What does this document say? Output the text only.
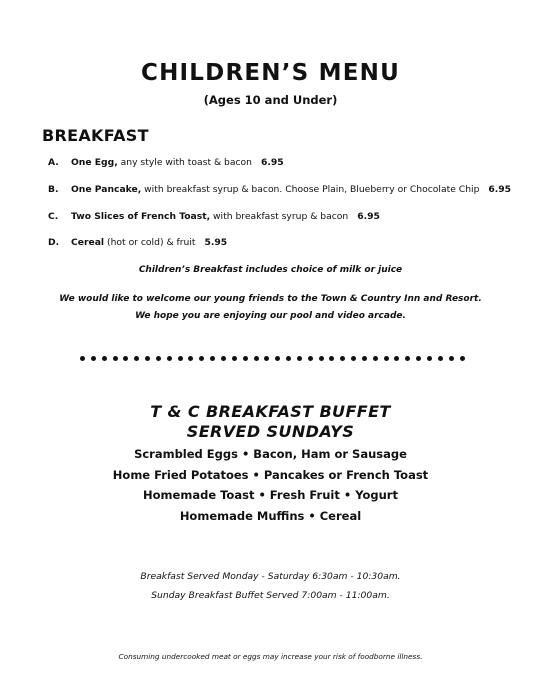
CHILDREN’S MENU
(Ages 10 and Under)
BREAKFAST
A. One Egg, any style with toast & bacon 6.95
B. One Pancake, with breakfast syrup & bacon. Choose Plain, Blueberry or Chocolate Chip 6.95
C. Two Slices of French Toast, with breakfast syrup & bacon 6.95
D. Cereal (hot or cold) & fruit 5.95
Children’s Breakfast includes choice of milk or juice
We would like to welcome our young friends to the Town & Country Inn and Resort.
We hope you are enjoying our pool and video arcade.
T & C BREAKFAST BUFFET
SERVED SUNDAYS
Scrambled Eggs • Bacon, Ham or Sausage
Home Fried Potatoes • Pancakes or French Toast
Homemade Toast • Fresh Fruit • Yogurt
Homemade Muffins • Cereal
Breakfast Served Monday - Saturday 6:30am - 10:30am.
Sunday Breakfast Buffet Served 7:00am - 11:00am.
Consuming undercooked meat or eggs may increase your risk of foodborne illness.
